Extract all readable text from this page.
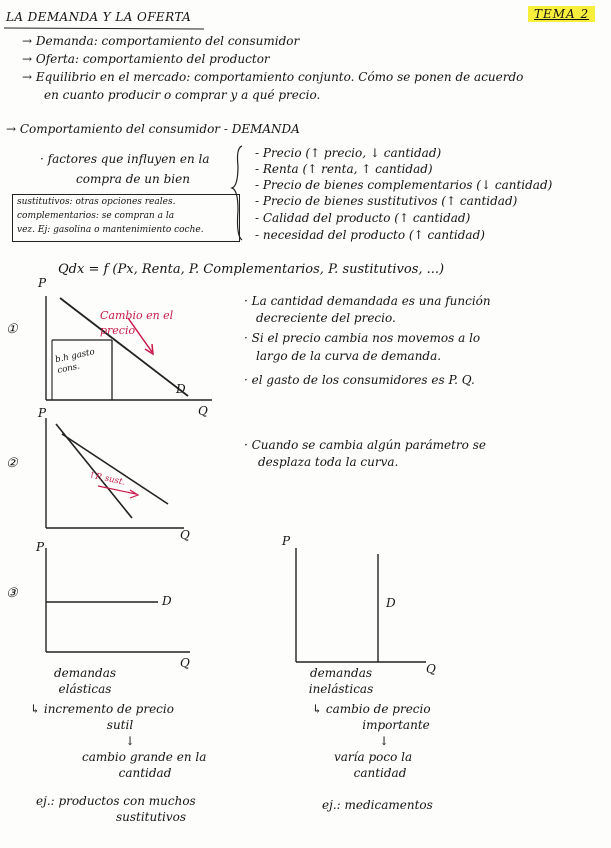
LA DEMANDA Y LA OFERTA	TEMA 2
→ Demanda: comportamiento del consumidor
→ Oferta: comportamiento del productor
→ Equilibrio en el mercado: comportamiento conjunto. Cómo se ponen de acuerdo
en cuanto producir o comprar y a qué precio.
→ Comportamiento del consumidor - DEMANDA
· factores que influyen en la
compra de un bien
- Precio (↑ precio, ↓ cantidad)
- Renta (↑ renta, ↑ cantidad)
- Precio de bienes complementarios (↓ cantidad)
- Precio de bienes sustitutivos (↑ cantidad)
- Calidad del producto (↑ cantidad)
- necesidad del producto (↑ cantidad)
sustitutivos: otras opciones reales.
complementarios: se compran a la
vez. Ej: gasolina o mantenimiento coche.
Qdx = f (Px, Renta, P. Complementarios, P. sustitutivos, ...)
①
P
Q
D
Cambio en el precio
b.h gasto cons.
· La cantidad demandada es una función
decreciente del precio.
· Si el precio cambia nos movemos a lo
largo de la curva de demanda.
· el gasto de los consumidores es P. Q.
②
P
Q
↑P. sust.
· Cuando se cambia algún parámetro se
desplaza toda la curva.
③
P
Q
D
demandas
elásticas
↳ incremento de precio
sutil
↓
cambio grande en la
cantidad
ej.: productos con muchos
sustitutivos
P
Q
D
demandas
inelásticas
↳ cambio de precio
importante
↓
varía poco la
cantidad
ej.: medicamentos
